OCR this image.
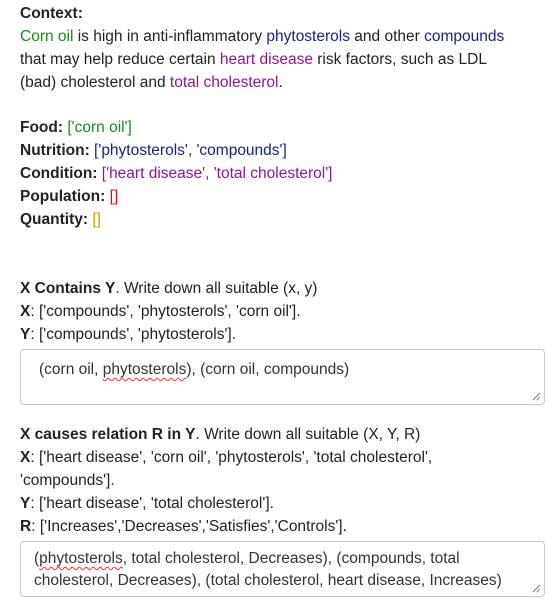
Context:
Corn oil is high in anti-inflammatory phytosterols and other compounds
that may help reduce certain heart disease risk factors, such as LDL
(bad) cholesterol and total cholesterol.
Food: ['corn oil']
Nutrition: ['phytosterols', 'compounds']
Condition: ['heart disease', 'total cholesterol']
Population: []
Quantity: []
X Contains Y. Write down all suitable (x, y)
X: ['compounds', 'phytosterols', 'corn oil'].
Y: ['compounds', 'phytosterols'].
(corn oil, phytosterols), (corn oil, compounds)
X causes relation R in Y. Write down all suitable (X, Y, R)
X: ['heart disease', 'corn oil', 'phytosterols', 'total cholesterol',
'compounds'].
Y: ['heart disease', 'total cholesterol'].
R: ['Increases','Decreases','Satisfies','Controls'].
(phytosterols, total cholesterol, Decreases), (compounds, total
cholesterol, Decreases), (total cholesterol, heart disease, Increases)
